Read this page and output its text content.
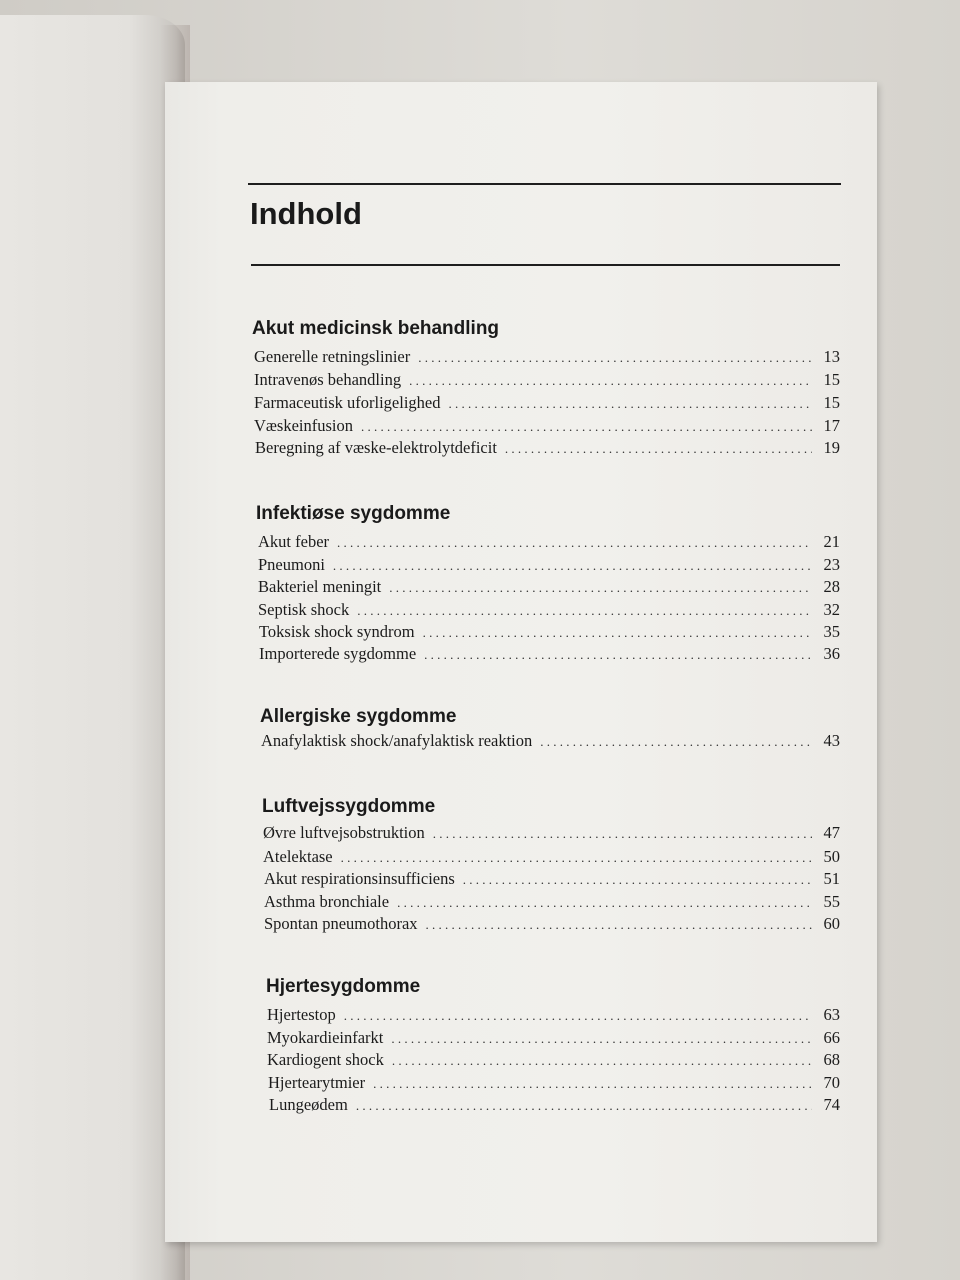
Indhold
Akut medicinsk behandling
Generelle retningslinier . . .	13
Intravenøs behandling . . .	15
Farmaceutisk uforligelighed . . .	15
Væskeinfusion . . .	17
Beregning af væske-elektrolytdeficit . . .	19
Infektiøse sygdomme
Akut feber . . .	21
Pneumoni . . .	23
Bakteriel meningit . . .	28
Septisk shock . . .	32
Toksisk shock syndrom . . .	35
Importerede sygdomme . . .	36
Allergiske sygdomme
Anafylaktisk shock/anafylaktisk reaktion . . .	43
Luftvejssygdomme
Øvre luftvejsobstruktion . . .	47
Atelektase . . .	50
Akut respirationsinsufficiens . . .	51
Asthma bronchiale . . .	55
Spontan pneumothorax . . .	60
Hjertesygdomme
Hjertestop . . .	63
Myokardieinfarkt . . .	66
Kardiogent shock . . .	68
Hjertearytmier . . .	70
Lungeødem . . .	74
